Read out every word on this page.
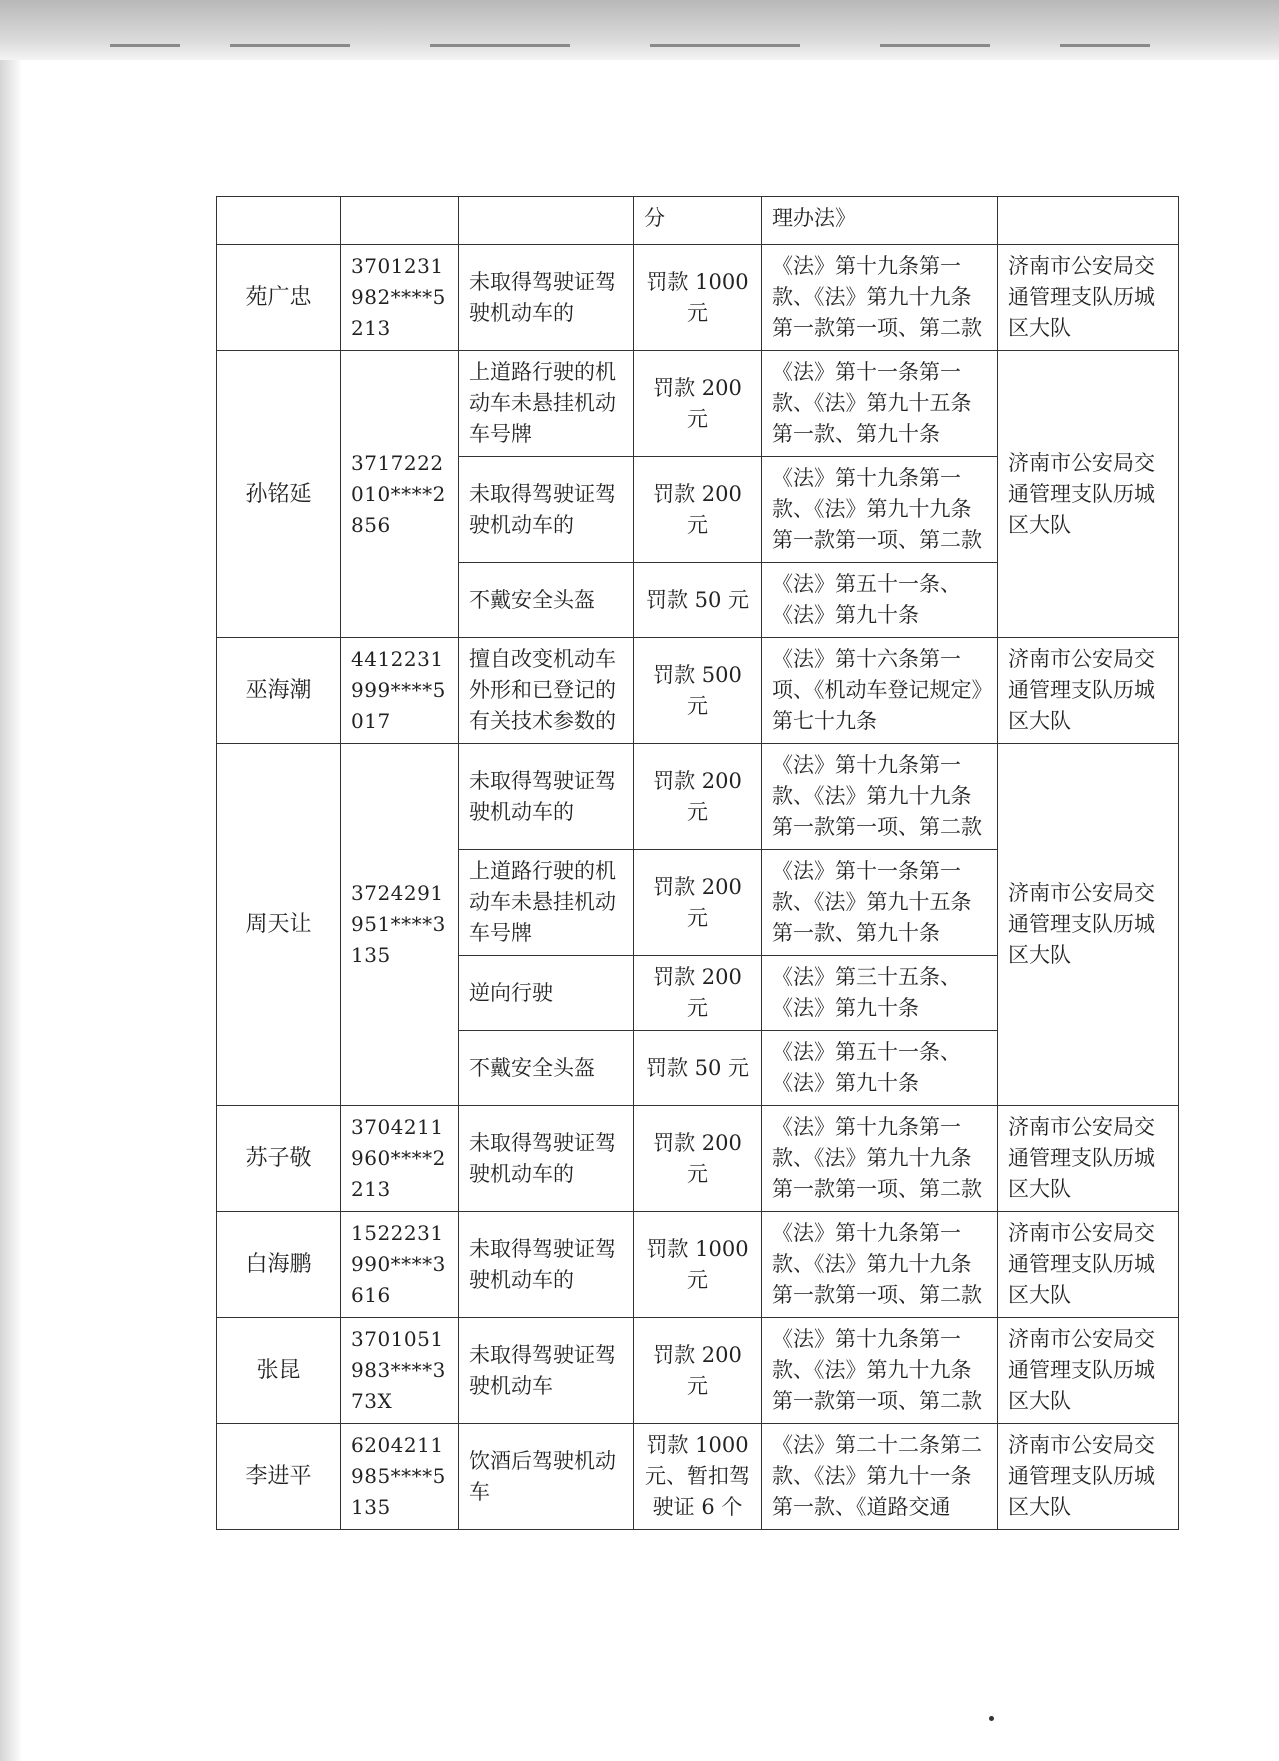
			分	理办法》	
苑广忠	3701231982****5213	未取得驾驶证驾驶机动车的	罚款 1000 元	《法》第十九条第一款、《法》第九十九条第一款第一项、第二款	济南市公安局交通管理支队历城区大队
孙铭延	3717222010****2856	上道路行驶的机动车未悬挂机动车号牌	罚款 200 元	《法》第十一条第一款、《法》第九十五条第一款、第九十条	济南市公安局交通管理支队历城区大队
		未取得驾驶证驾驶机动车的	罚款 200 元	《法》第十九条第一款、《法》第九十九条第一款第一项、第二款	
		不戴安全头盔	罚款 50 元	《法》第五十一条、《法》第九十条	
巫海潮	4412231999****5017	擅自改变机动车外形和已登记的有关技术参数的	罚款 500 元	《法》第十六条第一项、《机动车登记规定》第七十九条	济南市公安局交通管理支队历城区大队
周天让	3724291951****3135	未取得驾驶证驾驶机动车的	罚款 200 元	《法》第十九条第一款、《法》第九十九条第一款第一项、第二款	济南市公安局交通管理支队历城区大队
		上道路行驶的机动车未悬挂机动车号牌	罚款 200 元	《法》第十一条第一款、《法》第九十五条第一款、第九十条	
		逆向行驶	罚款 200 元	《法》第三十五条、《法》第九十条	
		不戴安全头盔	罚款 50 元	《法》第五十一条、《法》第九十条	
苏子敬	3704211960****2213	未取得驾驶证驾驶机动车的	罚款 200 元	《法》第十九条第一款、《法》第九十九条第一款第一项、第二款	济南市公安局交通管理支队历城区大队
白海鹏	1522231990****3616	未取得驾驶证驾驶机动车的	罚款 1000 元	《法》第十九条第一款、《法》第九十九条第一款第一项、第二款	济南市公安局交通管理支队历城区大队
张昆	3701051983****373X	未取得驾驶证驾驶机动车	罚款 200 元	《法》第十九条第一款、《法》第九十九条第一款第一项、第二款	济南市公安局交通管理支队历城区大队
李进平	6204211985****5135	饮酒后驾驶机动车	罚款 1000 元、暂扣驾驶证 6 个	《法》第二十二条第二款、《法》第九十一条第一款、《道路交通	济南市公安局交通管理支队历城区大队
